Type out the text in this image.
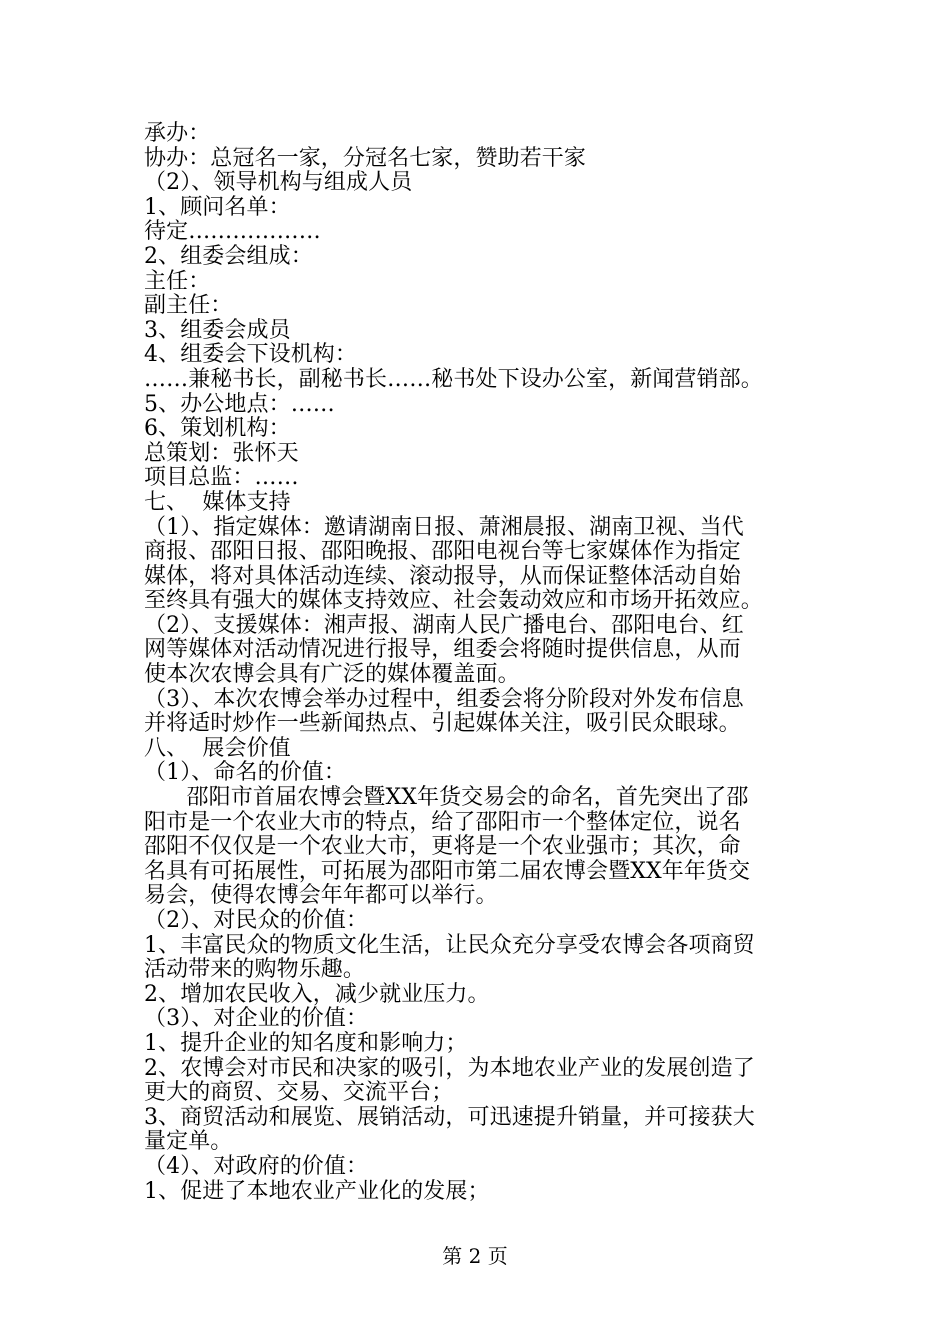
承办：
协办：总冠名一家，分冠名七家，赞助若干家
（2）、领导机构与组成人员
1、顾问名单：
待定………………
2、组委会组成：
主任：
副主任：
3、组委会成员
4、组委会下设机构：
……兼秘书长，副秘书长……秘书处下设办公室，新闻营销部。
5、办公地点：……
6、策划机构：
总策划：张怀天
项目总监：……
七、  媒体支持
（1）、指定媒体：邀请湖南日报、萧湘晨报、湖南卫视、当代
商报、邵阳日报、邵阳晚报、邵阳电视台等七家媒体作为指定
媒体，将对具体活动连续、滚动报导，从而保证整体活动自始
至终具有强大的媒体支持效应、社会轰动效应和市场开拓效应。
（2）、支援媒体：湘声报、湖南人民广播电台、邵阳电台、红
网等媒体对活动情况进行报导，组委会将随时提供信息，从而
使本次农博会具有广泛的媒体覆盖面。
（3）、本次农博会举办过程中，组委会将分阶段对外发布信息
并将适时炒作一些新闻热点、引起媒体关注，吸引民众眼球。
八、  展会价值
（1）、命名的价值：
邵阳市首届农博会暨XX年货交易会的命名，首先突出了邵
阳市是一个农业大市的特点，给了邵阳市一个整体定位，说名
邵阳不仅仅是一个农业大市，更将是一个农业强市；其次，命
名具有可拓展性，可拓展为邵阳市第二届农博会暨XX年年货交
易会，使得农博会年年都可以举行。
（2）、对民众的价值：
1、丰富民众的物质文化生活，让民众充分享受农博会各项商贸
活动带来的购物乐趣。
2、增加农民收入，减少就业压力。
（3）、对企业的价值：
1、提升企业的知名度和影响力；
2、农博会对市民和决家的吸引，为本地农业产业的发展创造了
更大的商贸、交易、交流平台；
3、商贸活动和展览、展销活动，可迅速提升销量，并可接获大
量定单。
（4）、对政府的价值：
1、促进了本地农业产业化的发展；
第 2 页
